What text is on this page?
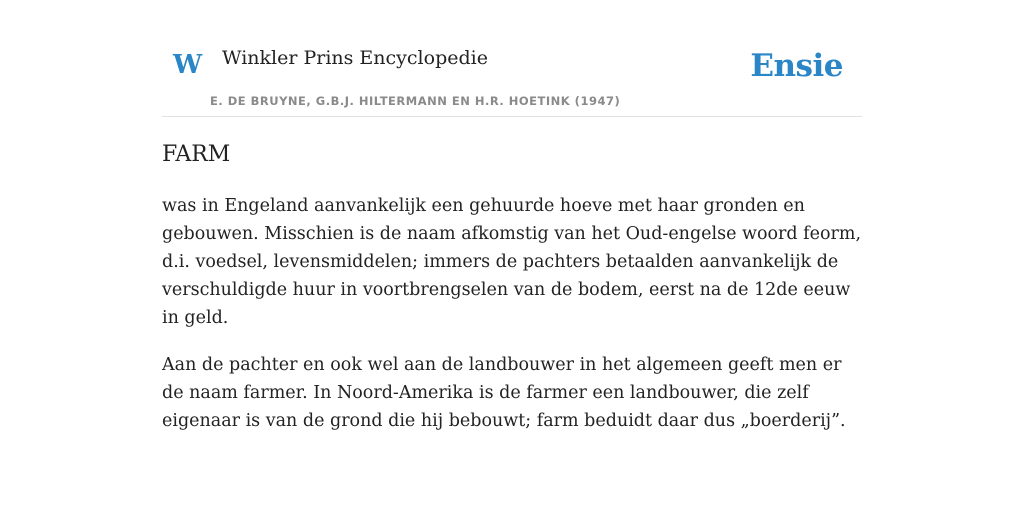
W Winkler Prins Encyclopedie
E. DE BRUYNE, G.B.J. HILTERMANN EN H.R. HOETINK (1947)
Ensie
FARM

was in Engeland aanvankelijk een gehuurde hoeve met haar gronden en gebouwen. Misschien is de naam afkomstig van het Oud-engelse woord feorm, d.i. voedsel, levensmiddelen; immers de pachters betaalden aanvankelijk de verschuldigde huur in voortbrengselen van de bodem, eerst na de 12de eeuw in geld.

Aan de pachter en ook wel aan de landbouwer in het algemeen geeft men er de naam farmer. In Noord-Amerika is de farmer een landbouwer, die zelf eigenaar is van de grond die hij bebouwt; farm beduidt daar dus „boerderij”.
